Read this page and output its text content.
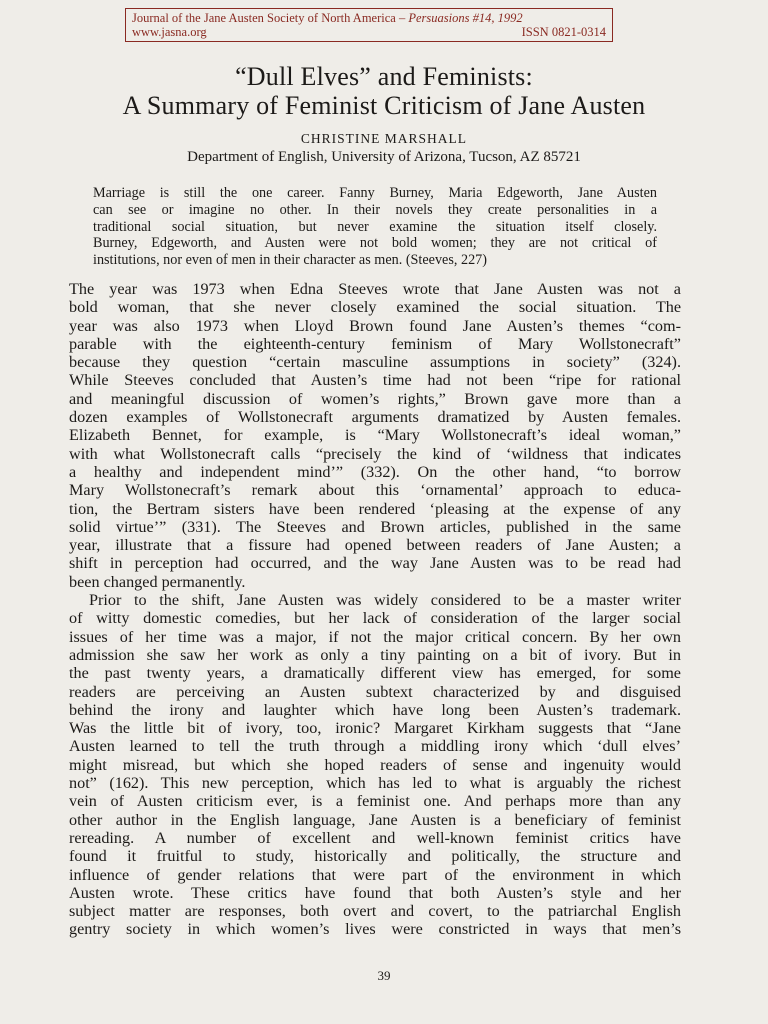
Journal of the Jane Austen Society of North America – Persuasions #14, 1992
www.jasna.org	ISSN 0821-0314
“Dull Elves” and Feminists:
A Summary of Feminist Criticism of Jane Austen
CHRISTINE MARSHALL
Department of English, University of Arizona, Tucson, AZ 85721
Marriage is still the one career. Fanny Burney, Maria Edgeworth, Jane Austen
can see or imagine no other. In their novels they create personalities in a
traditional social situation, but never examine the situation itself closely.
Burney, Edgeworth, and Austen were not bold women; they are not critical of
institutions, nor even of men in their character as men. (Steeves, 227)
The year was 1973 when Edna Steeves wrote that Jane Austen was not a
bold woman, that she never closely examined the social situation. The
year was also 1973 when Lloyd Brown found Jane Austen’s themes “com-
parable with the eighteenth-century feminism of Mary Wollstonecraft”
because they question “certain masculine assumptions in society” (324).
While Steeves concluded that Austen’s time had not been “ripe for rational
and meaningful discussion of women’s rights,” Brown gave more than a
dozen examples of Wollstonecraft arguments dramatized by Austen females.
Elizabeth Bennet, for example, is “Mary Wollstonecraft’s ideal woman,”
with what Wollstonecraft calls “precisely the kind of ‘wildness that indicates
a healthy and independent mind’” (332). On the other hand, “to borrow
Mary Wollstonecraft’s remark about this ‘ornamental’ approach to educa-
tion, the Bertram sisters have been rendered ‘pleasing at the expense of any
solid virtue’” (331). The Steeves and Brown articles, published in the same
year, illustrate that a fissure had opened between readers of Jane Austen; a
shift in perception had occurred, and the way Jane Austen was to be read had
been changed permanently.
Prior to the shift, Jane Austen was widely considered to be a master writer
of witty domestic comedies, but her lack of consideration of the larger social
issues of her time was a major, if not the major critical concern. By her own
admission she saw her work as only a tiny painting on a bit of ivory. But in
the past twenty years, a dramatically different view has emerged, for some
readers are perceiving an Austen subtext characterized by and disguised
behind the irony and laughter which have long been Austen’s trademark.
Was the little bit of ivory, too, ironic? Margaret Kirkham suggests that “Jane
Austen learned to tell the truth through a middling irony which ‘dull elves’
might misread, but which she hoped readers of sense and ingenuity would
not” (162). This new perception, which has led to what is arguably the richest
vein of Austen criticism ever, is a feminist one. And perhaps more than any
other author in the English language, Jane Austen is a beneficiary of feminist
rereading. A number of excellent and well-known feminist critics have
found it fruitful to study, historically and politically, the structure and
influence of gender relations that were part of the environment in which
Austen wrote. These critics have found that both Austen’s style and her
subject matter are responses, both overt and covert, to the patriarchal English
gentry society in which women’s lives were constricted in ways that men’s
39
